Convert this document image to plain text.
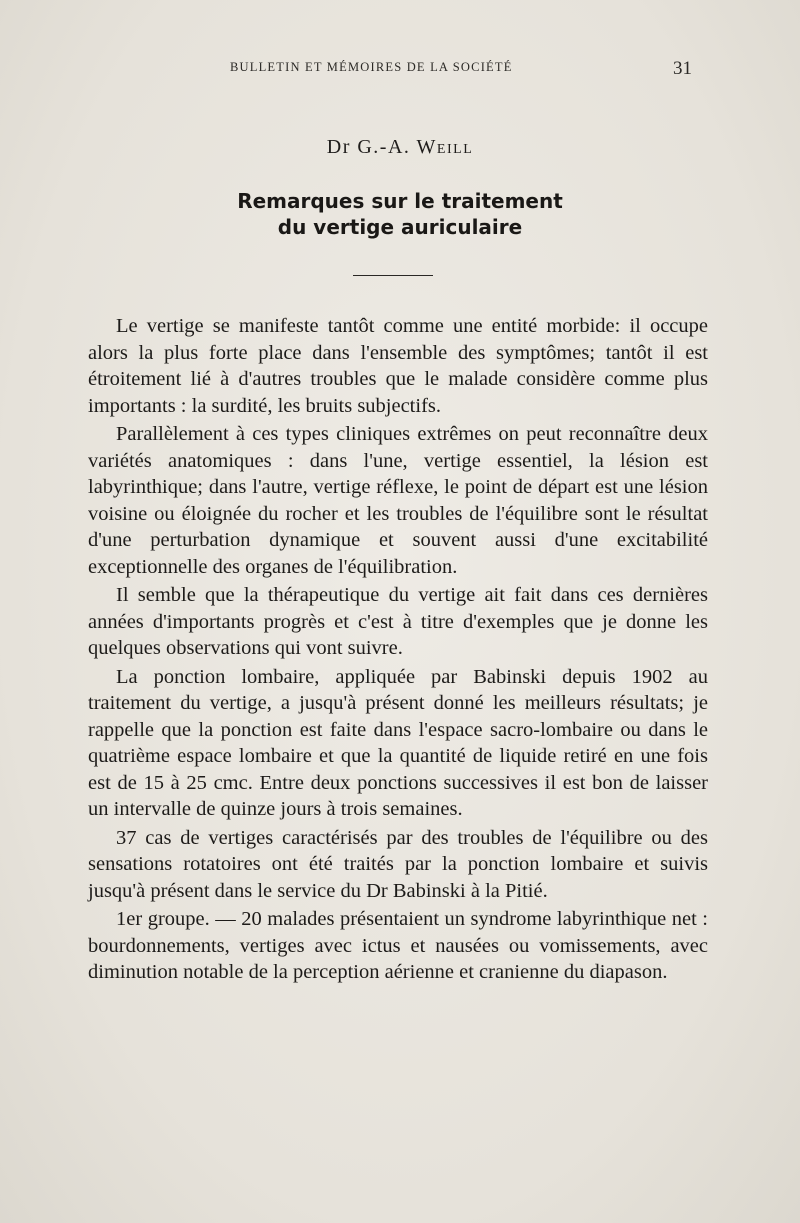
BULLETIN ET MÉMOIRES DE LA SOCIÉTÉ	31
Dr G.-A. Weill
Remarques sur le traitement
du vertige auriculaire

Le vertige se manifeste tantôt comme une entité morbide: il occupe alors la plus forte place dans l'ensemble des symptômes; tantôt il est étroitement lié à d'autres troubles que le malade considère comme plus importants : la surdité, les bruits subjectifs.

Parallèlement à ces types cliniques extrêmes on peut reconnaître deux variétés anatomiques : dans l'une, vertige essentiel, la lésion est labyrinthique; dans l'autre, vertige réflexe, le point de départ est une lésion voisine ou éloignée du rocher et les troubles de l'équilibre sont le résultat d'une perturbation dynamique et souvent aussi d'une excitabilité exceptionnelle des organes de l'équilibration.

Il semble que la thérapeutique du vertige ait fait dans ces dernières années d'importants progrès et c'est à titre d'exemples que je donne les quelques observations qui vont suivre.

La ponction lombaire, appliquée par Babinski depuis 1902 au traitement du vertige, a jusqu'à présent donné les meilleurs résultats; je rappelle que la ponction est faite dans l'espace sacro-lombaire ou dans le quatrième espace lombaire et que la quantité de liquide retiré en une fois est de 15 à 25 cmc. Entre deux ponctions successives il est bon de laisser un intervalle de quinze jours à trois semaines.

37 cas de vertiges caractérisés par des troubles de l'équilibre ou des sensations rotatoires ont été traités par la ponction lombaire et suivis jusqu'à présent dans le service du Dr Babinski à la Pitié.

1er groupe. — 20 malades présentaient un syndrome labyrinthique net : bourdonnements, vertiges avec ictus et nausées ou vomissements, avec diminution notable de la perception aérienne et cranienne du diapason.
